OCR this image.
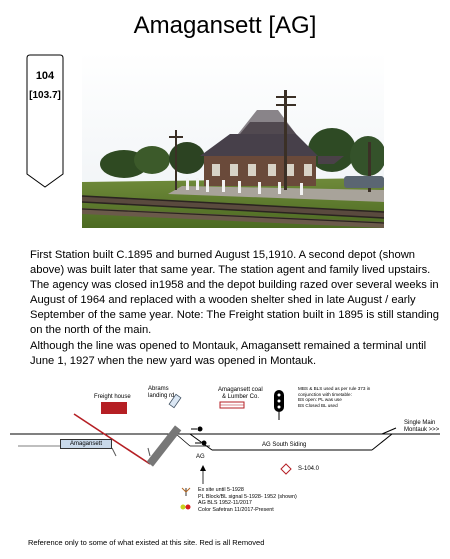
Amagansett [AG]
104
[103.7]

First Station built C.1895 and burned August 15,1910. A second depot (shown above) was built later that same year. The station agent and family lived upstairs. The agency was closed in1958 and the depot building razed over several weeks in August of 1964 and replaced with a wooden shelter shed in late August / early September of the same year. Note: The Freight station built in 1895 is still standing on the north of the main.

Although the line was opened to Montauk, Amagansett remained a terminal until June 1, 1927 when the new yard was opened in Montauk.

Freight house
Abrams
landing rd
Amagansett coal
& Lumber Co.
MBS & BLS used as per rule 373 in
conjunction with timetable:
BS open: PL was use
BS Closed BL used
Single Main
Montauk >>>
Amagansett
AG
AG South Siding
S-104.0
Ex site until 5-1928
PL Block/BL signal 5-1928- 1952 (shown)
AG BLS 1952-11/2017
Color Safetran 11/2017-Present
Reference only to some of what existed at this site. Red is all Removed
